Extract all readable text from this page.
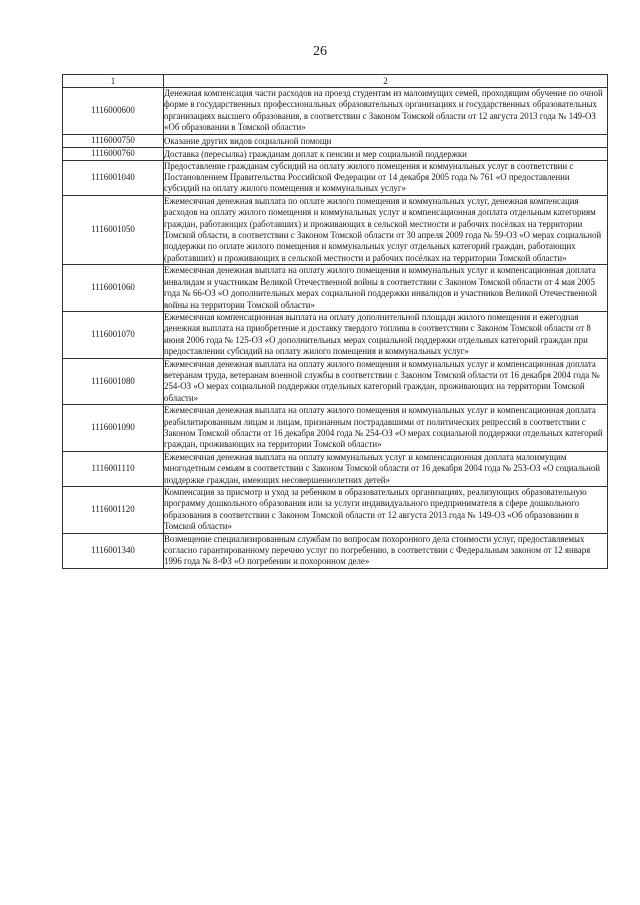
26
1	2
1116000600	Денежная компенсация части расходов на проезд студентам из малоимущих семей, проходящим обучение по очной форме в государственных профессиональных образовательных организациях и государственных образовательных организациях высшего образования, в соответствии с Законом Томской области от 12 августа 2013 года № 149-ОЗ «Об образовании в Томской области»
1116000750	Оказание других видов социальной помощи
1116000760	Доставка (пересылка) гражданам доплат к пенсии и мер социальной поддержки
1116001040	Предоставление гражданам субсидий на оплату жилого помещения и коммунальных услуг в соответствии с Постановлением Правительства Российской Федерации от 14 декабря 2005 года № 761 «О предоставлении субсидий на оплату жилого помещения и коммунальных услуг»
1116001050	Ежемесячная денежная выплата по оплате жилого помещения и коммунальных услуг, денежная компенсация расходов на оплату жилого помещения и коммунальных услуг и компенсационная доплата отдельным категориям граждан, работающих (работавших) и проживающих в сельской местности и рабочих посёлках на территории Томской области, в соответствии с Законом Томской области от 30 апреля 2009 года № 59-ОЗ «О мерах социальной поддержки по оплате жилого помещения и коммунальных услуг отдельных категорий граждан, работающих (работавших) и проживающих в сельской местности и рабочих посёлках на территории Томской области»
1116001060	Ежемесячная денежная выплата на оплату жилого помещения и коммунальных услуг и компенсационная доплата инвалидам и участникам Великой Отечественной войны в соответствии с Законом Томской области от 4 мая 2005 года № 66-ОЗ «О дополнительных мерах социальной поддержки инвалидов и участников Великой Отечественной войны на территории Томской области»
1116001070	Ежемесячная компенсационная выплата на оплату дополнительной площади жилого помещения и ежегодная денежная выплата на приобретение и доставку твердого топлива в соответствии с Законом Томской области от 8 июня 2006 года № 125-ОЗ «О дополнительных мерах социальной поддержки отдельных категорий граждан при предоставлении субсидий на оплату жилого помещения и коммунальных услуг»
1116001080	Ежемесячная денежная выплата на оплату жилого помещения и коммунальных услуг и компенсационная доплата ветеранам труда, ветеранам военной службы в соответствии с Законом Томской области от 16 декабря 2004 года № 254-ОЗ «О мерах социальной поддержки отдельных категорий граждан, проживающих на территории Томской области»
1116001090	Ежемесячная денежная выплата на оплату жилого помещения и коммунальных услуг и компенсационная доплата реабилитированным лицам и лицам, признанным пострадавшими от политических репрессий в соответствии с Законом Томской области от 16 декабря 2004 года № 254-ОЗ «О мерах социальной поддержки отдельных категорий граждан, проживающих на территории Томской области»
1116001110	Ежемесячная денежная выплата на оплату коммунальных услуг и компенсационная доплата малоимущим многодетным семьям в соответствии с Законом Томской области от 16 декабря 2004 года № 253-ОЗ «О социальной поддержке граждан, имеющих несовершеннолетних детей»
1116001120	Компенсация за присмотр и уход за ребенком в образовательных организациях, реализующих образовательную программу дошкольного образования или за услуги индивидуального предпринимателя в сфере дошкольного образования в соответствии с Законом Томской области от 12 августа 2013 года № 149-ОЗ «Об образовании в Томской области»
1116001340	Возмещение специализированным службам по вопросам похоронного дела стоимости услуг, предоставляемых согласно гарантированному перечню услуг по погребению, в соответствии с Федеральным законом от 12 января 1996 года № 8-ФЗ «О погребении и похоронном деле»
